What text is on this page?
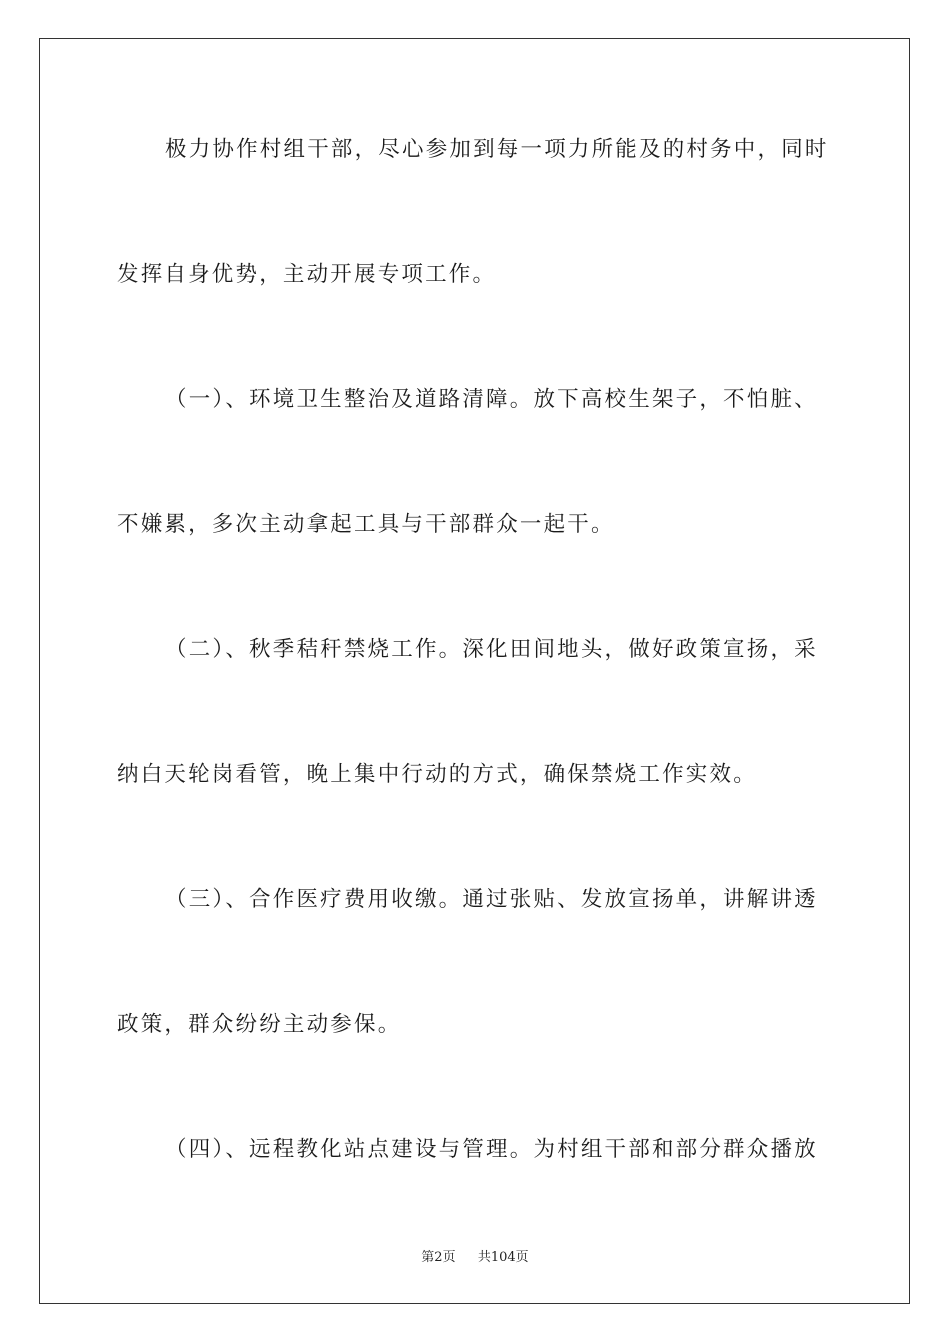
极力协作村组干部，尽心参加到每一项力所能及的村务中，同时
发挥自身优势，主动开展专项工作。
（一）、环境卫生整治及道路清障。放下高校生架子，不怕脏、
不嫌累，多次主动拿起工具与干部群众一起干。
（二）、秋季秸秆禁烧工作。深化田间地头，做好政策宣扬，采
纳白天轮岗看管，晚上集中行动的方式，确保禁烧工作实效。
（三）、合作医疗费用收缴。通过张贴、发放宣扬单，讲解讲透
政策，群众纷纷主动参保。
（四）、远程教化站点建设与管理。为村组干部和部分群众播放
第2页 共104页
